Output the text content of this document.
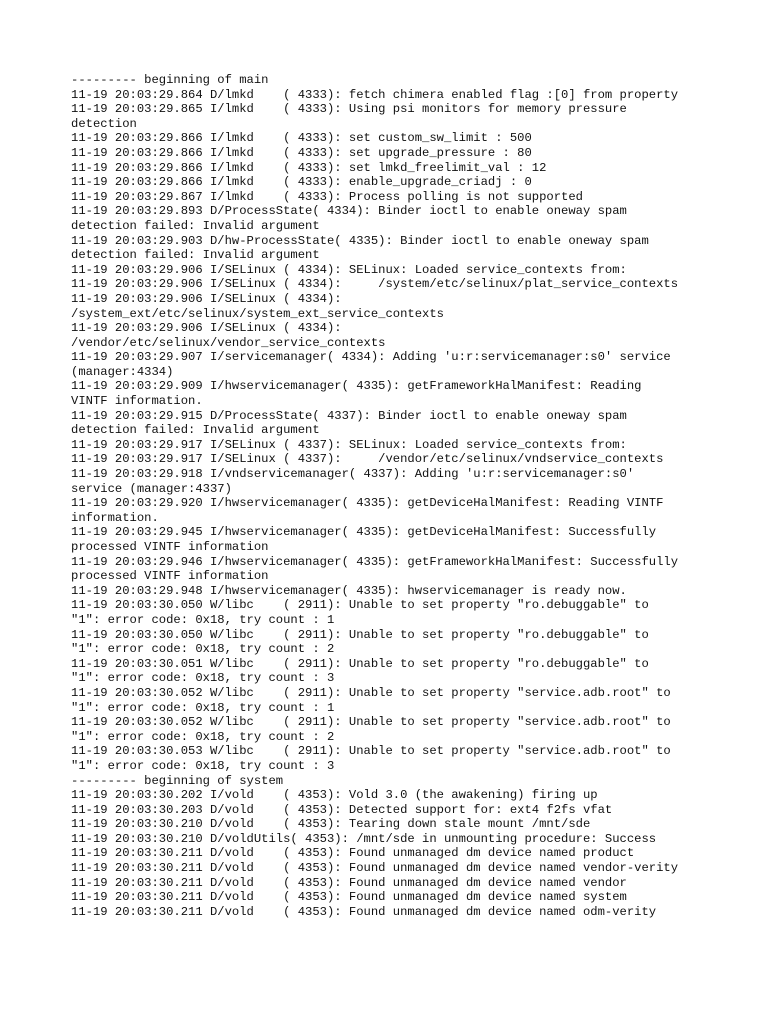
--------- beginning of main
11-19 20:03:29.864 D/lmkd    ( 4333): fetch chimera enabled flag :[0] from property
11-19 20:03:29.865 I/lmkd    ( 4333): Using psi monitors for memory pressure
detection
11-19 20:03:29.866 I/lmkd    ( 4333): set custom_sw_limit : 500
11-19 20:03:29.866 I/lmkd    ( 4333): set upgrade_pressure : 80
11-19 20:03:29.866 I/lmkd    ( 4333): set lmkd_freelimit_val : 12
11-19 20:03:29.866 I/lmkd    ( 4333): enable_upgrade_criadj : 0
11-19 20:03:29.867 I/lmkd    ( 4333): Process polling is not supported
11-19 20:03:29.893 D/ProcessState( 4334): Binder ioctl to enable oneway spam
detection failed: Invalid argument
11-19 20:03:29.903 D/hw-ProcessState( 4335): Binder ioctl to enable oneway spam
detection failed: Invalid argument
11-19 20:03:29.906 I/SELinux ( 4334): SELinux: Loaded service_contexts from:
11-19 20:03:29.906 I/SELinux ( 4334):     /system/etc/selinux/plat_service_contexts
11-19 20:03:29.906 I/SELinux ( 4334):
/system_ext/etc/selinux/system_ext_service_contexts
11-19 20:03:29.906 I/SELinux ( 4334):
/vendor/etc/selinux/vendor_service_contexts
11-19 20:03:29.907 I/servicemanager( 4334): Adding 'u:r:servicemanager:s0' service
(manager:4334)
11-19 20:03:29.909 I/hwservicemanager( 4335): getFrameworkHalManifest: Reading
VINTF information.
11-19 20:03:29.915 D/ProcessState( 4337): Binder ioctl to enable oneway spam
detection failed: Invalid argument
11-19 20:03:29.917 I/SELinux ( 4337): SELinux: Loaded service_contexts from:
11-19 20:03:29.917 I/SELinux ( 4337):     /vendor/etc/selinux/vndservice_contexts
11-19 20:03:29.918 I/vndservicemanager( 4337): Adding 'u:r:servicemanager:s0'
service (manager:4337)
11-19 20:03:29.920 I/hwservicemanager( 4335): getDeviceHalManifest: Reading VINTF
information.
11-19 20:03:29.945 I/hwservicemanager( 4335): getDeviceHalManifest: Successfully
processed VINTF information
11-19 20:03:29.946 I/hwservicemanager( 4335): getFrameworkHalManifest: Successfully
processed VINTF information
11-19 20:03:29.948 I/hwservicemanager( 4335): hwservicemanager is ready now.
11-19 20:03:30.050 W/libc    ( 2911): Unable to set property "ro.debuggable" to
"1": error code: 0x18, try count : 1
11-19 20:03:30.050 W/libc    ( 2911): Unable to set property "ro.debuggable" to
"1": error code: 0x18, try count : 2
11-19 20:03:30.051 W/libc    ( 2911): Unable to set property "ro.debuggable" to
"1": error code: 0x18, try count : 3
11-19 20:03:30.052 W/libc    ( 2911): Unable to set property "service.adb.root" to
"1": error code: 0x18, try count : 1
11-19 20:03:30.052 W/libc    ( 2911): Unable to set property "service.adb.root" to
"1": error code: 0x18, try count : 2
11-19 20:03:30.053 W/libc    ( 2911): Unable to set property "service.adb.root" to
"1": error code: 0x18, try count : 3
--------- beginning of system
11-19 20:03:30.202 I/vold    ( 4353): Vold 3.0 (the awakening) firing up
11-19 20:03:30.203 D/vold    ( 4353): Detected support for: ext4 f2fs vfat
11-19 20:03:30.210 D/vold    ( 4353): Tearing down stale mount /mnt/sde
11-19 20:03:30.210 D/voldUtils( 4353): /mnt/sde in unmounting procedure: Success
11-19 20:03:30.211 D/vold    ( 4353): Found unmanaged dm device named product
11-19 20:03:30.211 D/vold    ( 4353): Found unmanaged dm device named vendor-verity
11-19 20:03:30.211 D/vold    ( 4353): Found unmanaged dm device named vendor
11-19 20:03:30.211 D/vold    ( 4353): Found unmanaged dm device named system
11-19 20:03:30.211 D/vold    ( 4353): Found unmanaged dm device named odm-verity
